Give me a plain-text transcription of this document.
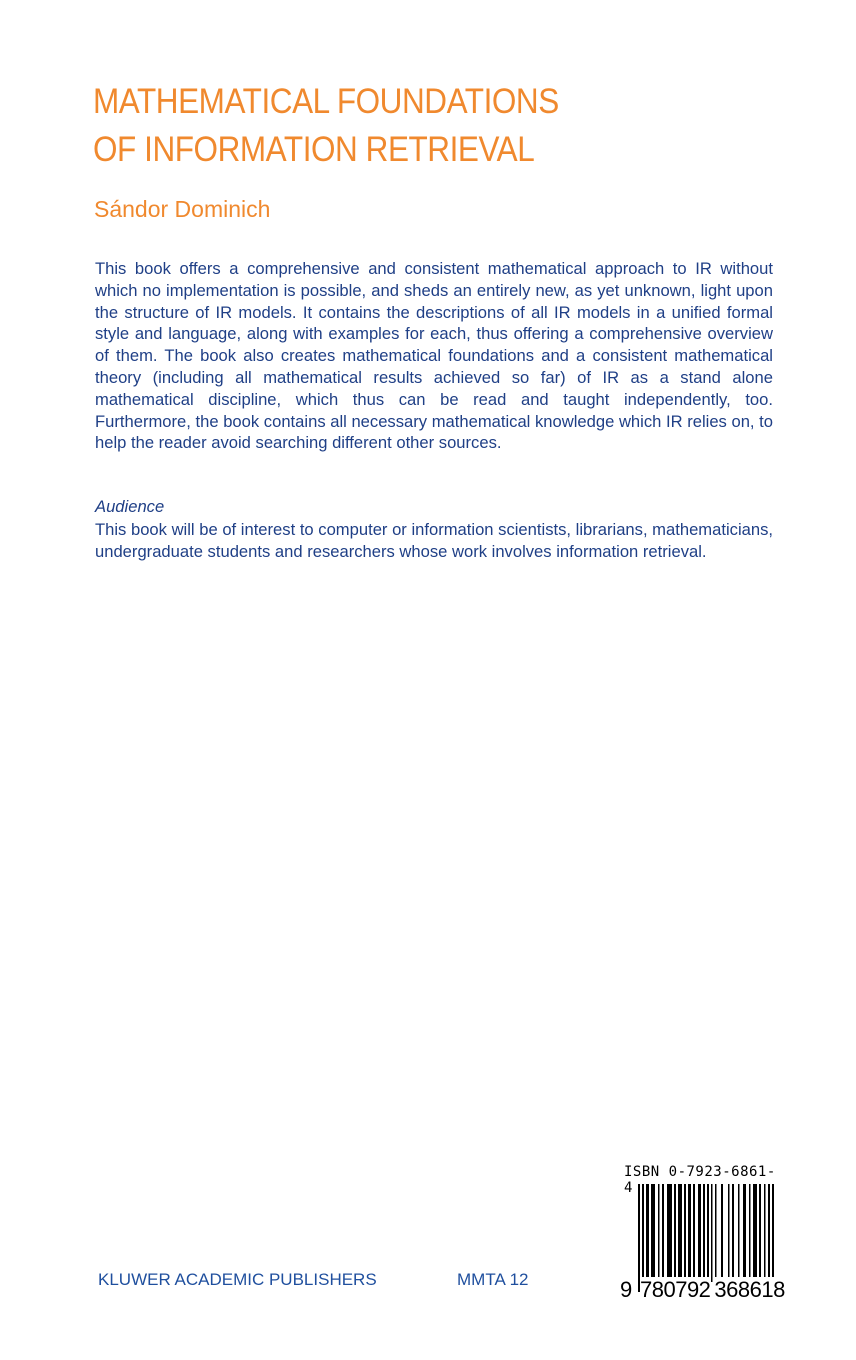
MATHEMATICAL FOUNDATIONS
OF INFORMATION RETRIEVAL
Sándor Dominich

This book offers a comprehensive and consistent mathematical approach to IR without which no implementation is possible, and sheds an entirely new, as yet unknown, light upon the structure of IR models. It contains the descriptions of all IR models in a unified formal style and language, along with examples for each, thus offering a comprehensive overview of them. The book also creates mathematical foundations and a consistent mathematical theory (including all mathematical results achieved so far) of IR as a stand alone mathematical discipline, which thus can be read and taught independently, too. Furthermore, the book contains all necessary mathematical knowledge which IR relies on, to help the reader avoid searching different other sources.

Audience
This book will be of interest to computer or information scientists, librarians, mathematicians, undergraduate students and researchers whose work involves information retrieval.
KLUWER ACADEMIC PUBLISHERS	MMTA 12
ISBN 0-7923-6861-4
9 780792 368618
